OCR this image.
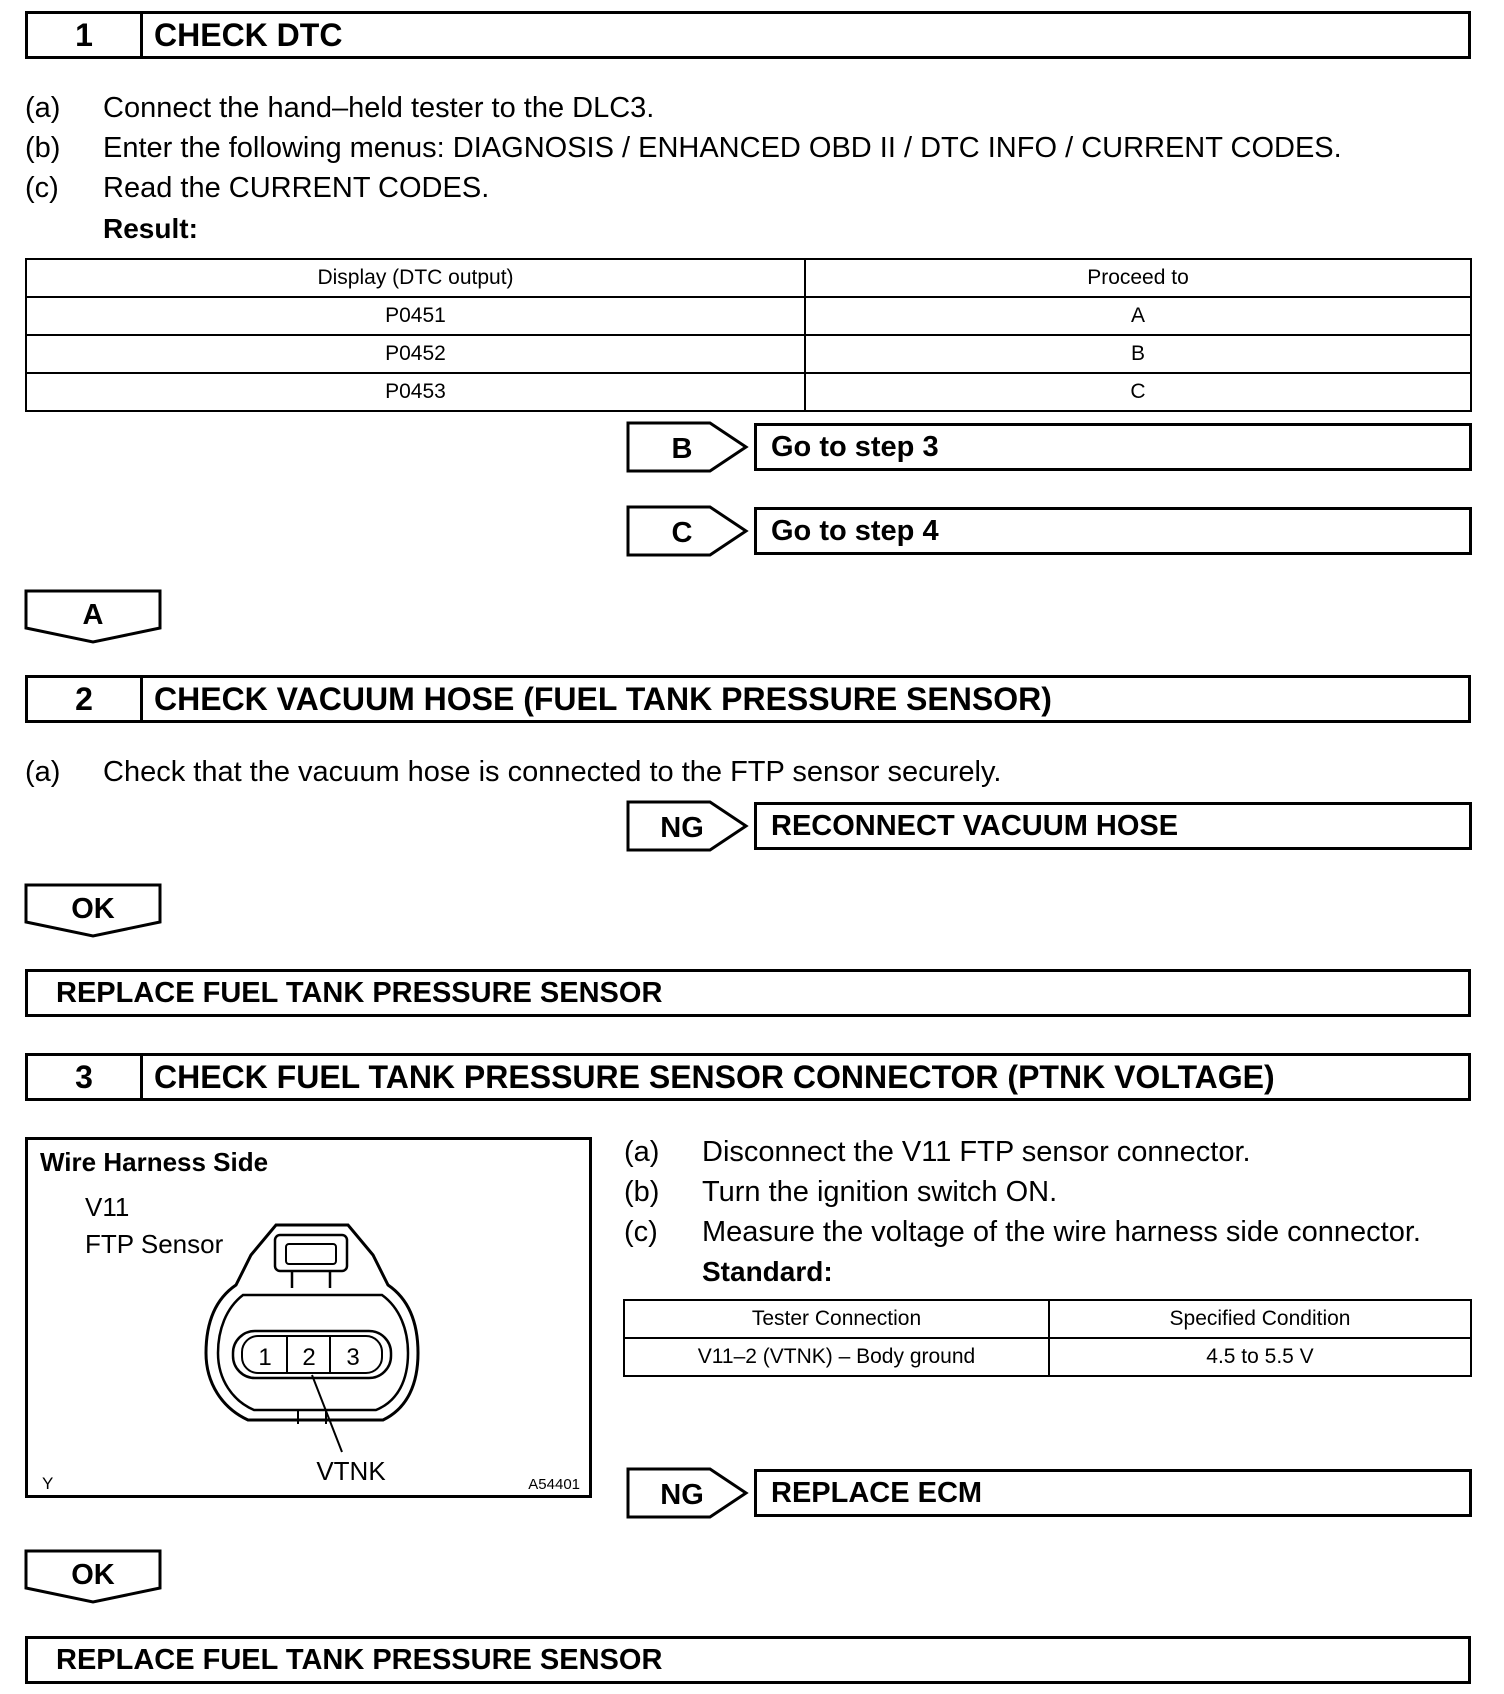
1	CHECK DTC
(a) Connect the hand–held tester to the DLC3.
(b) Enter the following menus: DIAGNOSIS / ENHANCED OBD II / DTC INFO / CURRENT CODES.
(c) Read the CURRENT CODES.
Result:
Display (DTC output)	Proceed to
P0451	A
P0452	B
P0453	C
B	Go to step 3
C	Go to step 4
A
2	CHECK VACUUM HOSE (FUEL TANK PRESSURE SENSOR)
(a) Check that the vacuum hose is connected to the FTP sensor securely.
NG	RECONNECT VACUUM HOSE
OK
REPLACE FUEL TANK PRESSURE SENSOR
3	CHECK FUEL TANK PRESSURE SENSOR CONNECTOR (PTNK VOLTAGE)
Wire Harness Side
V11
FTP Sensor
1 2 3
VTNK
Y	A54401
(a) Disconnect the V11 FTP sensor connector.
(b) Turn the ignition switch ON.
(c) Measure the voltage of the wire harness side connector.
Standard:
Tester Connection	Specified Condition
V11–2 (VTNK) – Body ground	4.5 to 5.5 V
NG	REPLACE ECM
OK
REPLACE FUEL TANK PRESSURE SENSOR
